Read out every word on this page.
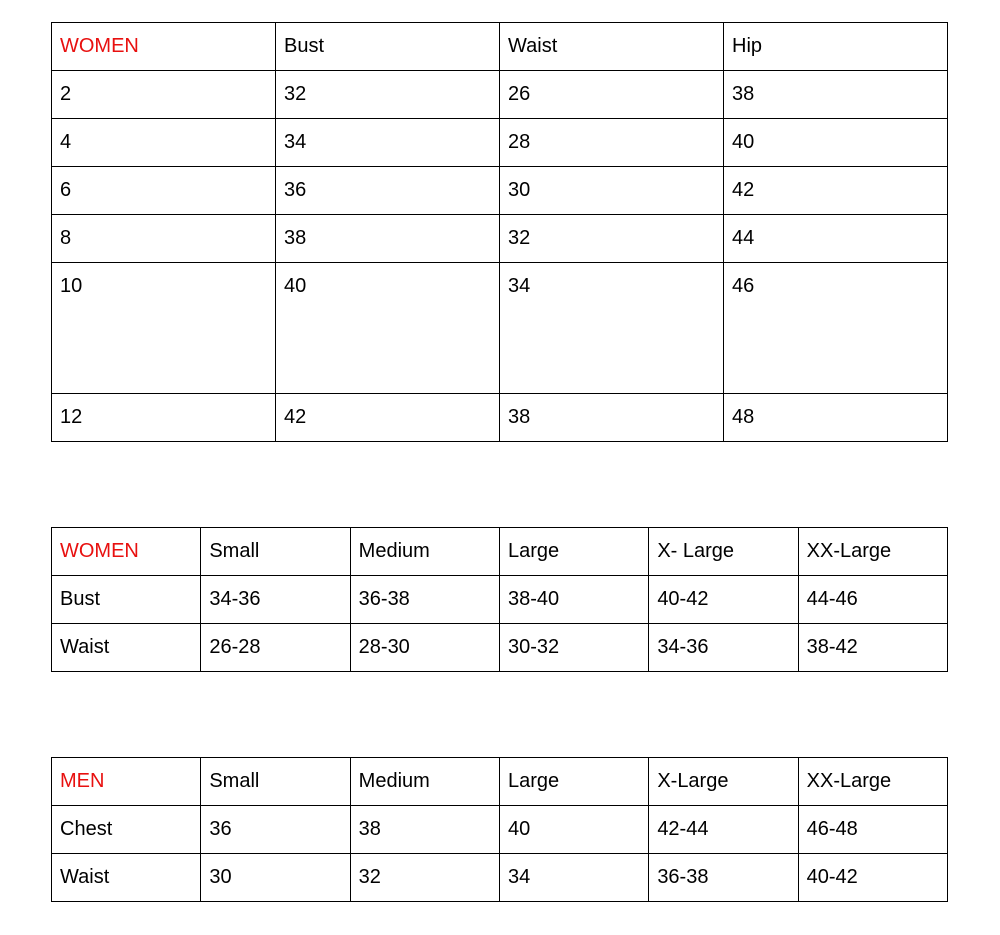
WOMEN	Bust	Waist	Hip
2	32	26	38
4	34	28	40
6	36	30	42
8	38	32	44
10	40	34	46
12	42	38	48
WOMEN	Small	Medium	Large	X- Large	XX-Large
Bust	34-36	36-38	38-40	40-42	44-46
Waist	26-28	28-30	30-32	34-36	38-42
MEN	Small	Medium	Large	X-Large	XX-Large
Chest	36	38	40	42-44	46-48
Waist	30	32	34	36-38	40-42
